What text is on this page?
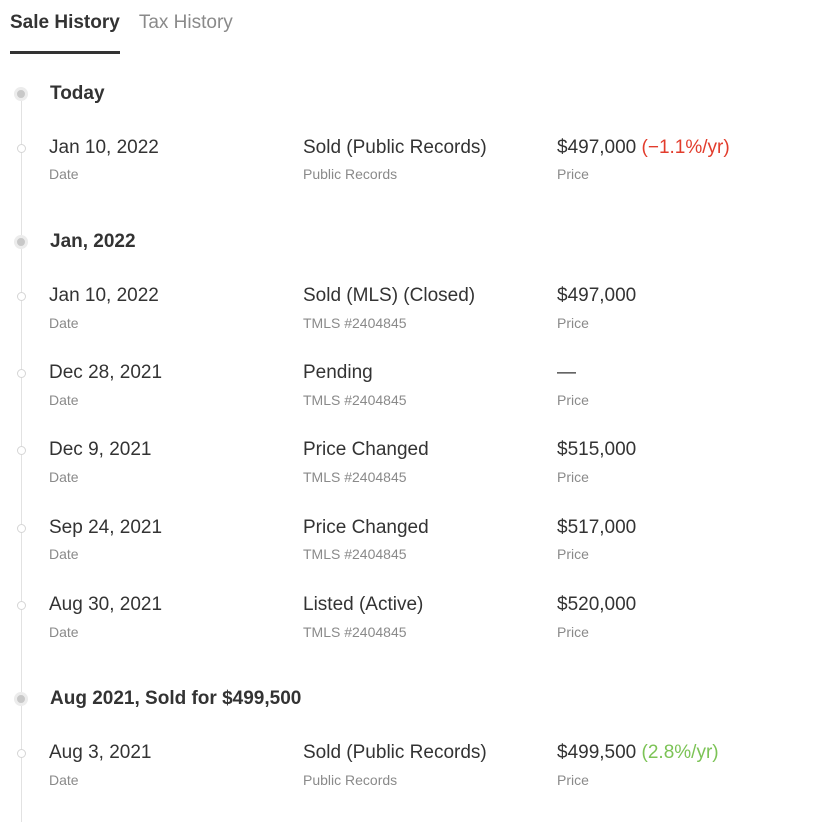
Sale History Tax History
Today
Jan 10, 2022
Date
Sold (Public Records)
Public Records
$497,000 (−1.1%/yr)
Price
Jan, 2022
Jan 10, 2022
Date
Sold (MLS) (Closed)
TMLS #2404845
$497,000
Price
Dec 28, 2021
Date
Pending
TMLS #2404845
—
Price
Dec 9, 2021
Date
Price Changed
TMLS #2404845
$515,000
Price
Sep 24, 2021
Date
Price Changed
TMLS #2404845
$517,000
Price
Aug 30, 2021
Date
Listed (Active)
TMLS #2404845
$520,000
Price
Aug 2021, Sold for $499,500
Aug 3, 2021
Date
Sold (Public Records)
Public Records
$499,500 (2.8%/yr)
Price
